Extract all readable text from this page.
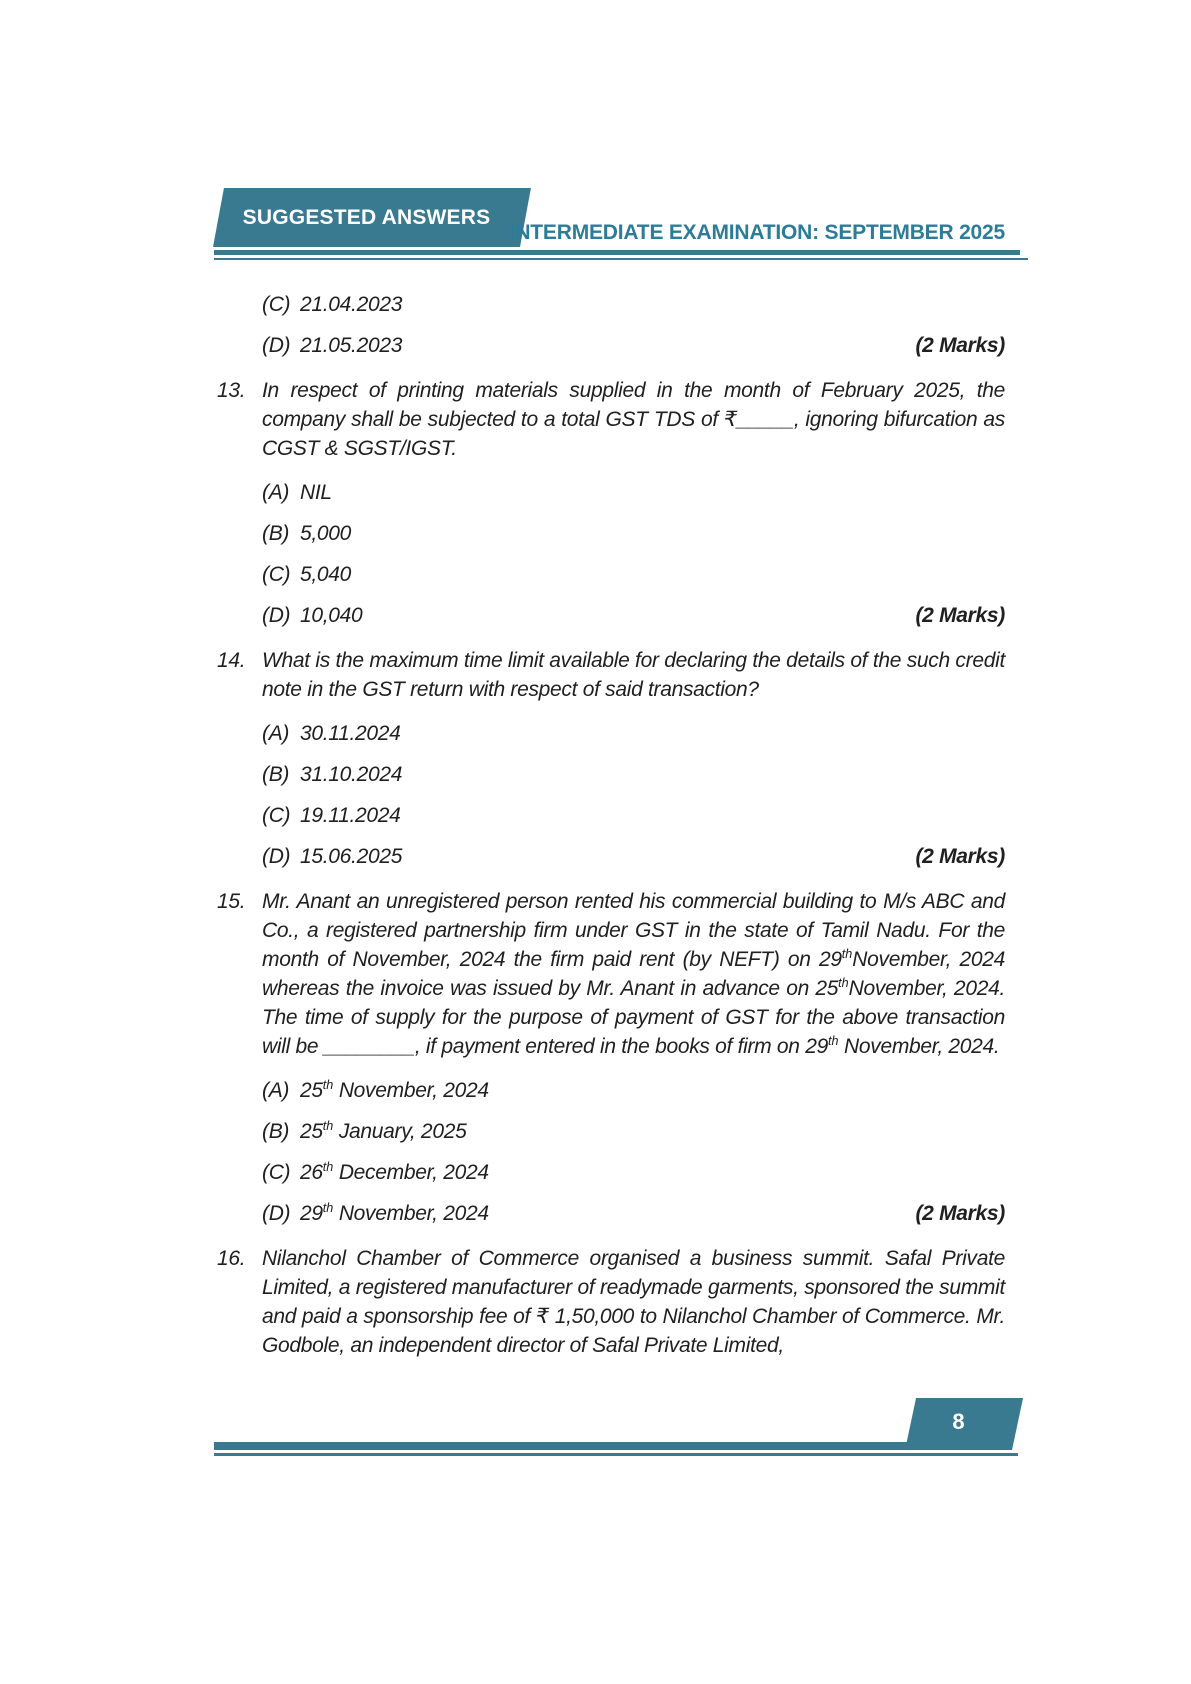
SUGGESTED ANSWERS
INTERMEDIATE EXAMINATION: SEPTEMBER 2025
(C) 21.04.2023
(D) 21.05.2023	(2 Marks)
13. In respect of printing materials supplied in the month of February 2025, the company shall be subjected to a total GST TDS of ₹_____, ignoring bifurcation as CGST & SGST/IGST.
(A) NIL
(B) 5,000
(C) 5,040
(D) 10,040	(2 Marks)
14. What is the maximum time limit available for declaring the details of the such credit note in the GST return with respect of said transaction?
(A) 30.11.2024
(B) 31.10.2024
(C) 19.11.2024
(D) 15.06.2025	(2 Marks)
15. Mr. Anant an unregistered person rented his commercial building to M/s ABC and Co., a registered partnership firm under GST in the state of Tamil Nadu. For the month of November, 2024 the firm paid rent (by NEFT) on 29thNovember, 2024 whereas the invoice was issued by Mr. Anant in advance on 25thNovember, 2024. The time of supply for the purpose of payment of GST for the above transaction will be ________, if payment entered in the books of firm on 29th November, 2024.
(A) 25th November, 2024
(B) 25th January, 2025
(C) 26th December, 2024
(D) 29th November, 2024	(2 Marks)
16. Nilanchol Chamber of Commerce organised a business summit. Safal Private Limited, a registered manufacturer of readymade garments, sponsored the summit and paid a sponsorship fee of ₹ 1,50,000 to Nilanchol Chamber of Commerce. Mr. Godbole, an independent director of Safal Private Limited,
8
